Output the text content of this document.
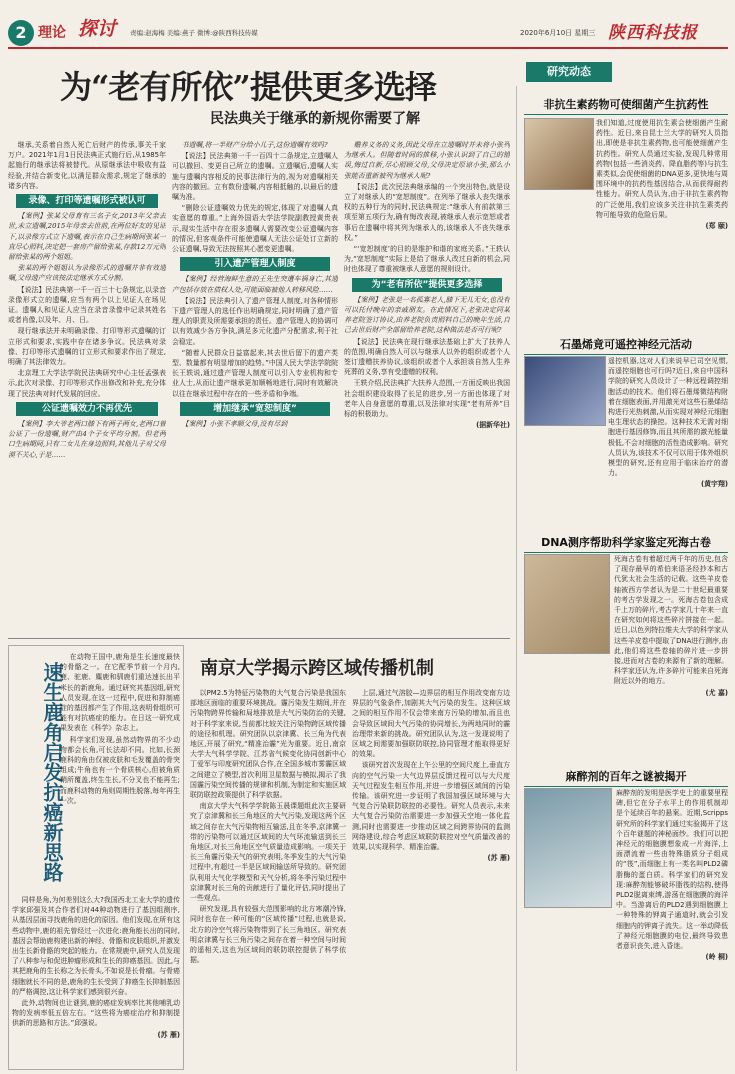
2 理论 探讨 责编:赵海梅 美编:燕子 微博:@陕西科技传媒	2020年6月10日 星期三 陕西科技报
为“老有所依”提供更多选择
民法典关于继承的新规你需要了解

继承,关系着自然人死亡后财产的传承,事关千家万户。2021年1月1日民法典正式施行后,从1985年起施行的继承法将被替代。从原继承法中吸收有益经验,并结合新变化,以满足群众需求,规定了继承的诸多内容。

录像、打印等遗嘱形式被认可

【案例】张某父母育有三名子女,2013年父亲去世,未立遗嘱,2015年母亲去世前,在两位好友的见证下,以录像方式立下遗嘱,表示在自己生病期间张某一直尽心照料,决定把一套房产留给张某,存款12万元则留给张某的两个姐姐。

张某的两个姐姐认为录像形式的遗嘱并非有效遗嘱,父母遗产应该按法定继承方式分割。

【说法】民法典第一千一百三十七条规定,以录音录像形式立的遗嘱,应当有两个以上见证人在场见证。遗嘱人和见证人应当在录音录像中记录其姓名或者肖像,以及年、月、日。

现行继承法并未明确录像、打印等形式遗嘱的订立形式和要求,实践中存在诸多争议。民法典对录像、打印等形式遗嘱的订立形式和要求作出了规定,明确了其法律效力。

北京理工大学法学院民法典研究中心主任孟强表示,此次对录像、打印等形式作出修改和补充,充分体现了民法典对时代发展的回应。

公证遗嘱效力不再优先

【案例】李大爷老两口膝下有两子两女,老两口曾公证了一份遗嘱,财产由4个子女平均分割。但老两口生病期间,只有二女儿在身边照料,其他儿子对父母漠不关心,于是……

书遗嘱,将一半财产分给小儿子,这份遗嘱有效吗?

【说法】民法典第一千一百四十二条规定,立遗嘱人可以撤回、变更自己所立的遗嘱。立遗嘱后,遗嘱人实施与遗嘱内容相反的民事法律行为的,视为对遗嘱相关内容的撤回。立有数份遗嘱,内容相抵触的,以最后的遗嘱为准。

“删除公证遗嘱效力优先的规定,体现了对遗嘱人真实意愿的尊重。”上海外国语大学法学院副教授黄贵表示,现实生活中存在很多遗嘱人需要改变公证遗嘱内容的情况,但客观条件可能使遗嘱人无法公证处订立新的公证遗嘱,导致无法按照其心愿变更遗嘱。

引入遗产管理人制度

【案例】经营海鲜生意的王先生突遭车祸身亡,其遗产包括存放在债权人处,可能面临被他人转移风险……

【说法】民法典引入了遗产管理人制度,对各种情形下遗产管理人的选任作出明确规定,同时明确了遗产管理人的职责及所需要承担的责任。遗产管理人的协调可以有效减少各方争执,满足多元化遗产分配需求,利于社会稳定。

“随着人民群众日益富起来,其去世后留下的遗产类型、数量都有明显增加的趋势。”中国人民大学法学院院长王轶说,通过遗产管理人制度可以引入专业机构和专业人士,从而让遗产继承更加顺畅地进行,同时有效解决以往在继承过程中存在的一些矛盾和争端。

增加继承“宽恕制度”

【案例】小张不孝顺父母,没有尽到

赡养义务的义务,因此父母在立遗嘱时并未将小张列为继承人。但随着时间的推移,小张认识到了自己的错误,悔过自新,尽心照顾父母,父母决定原谅小张,那么小张能否重新被列为继承人呢?

【说法】此次民法典继承编的一个突出特色,就是设立了对继承人的“宽恕制度”。在列举了继承人丧失继承权的五种行为的同时,民法典规定:“继承人有前款第三项至第五项行为,确有悔改表现,被继承人表示宽恕或者事后在遗嘱中将其列为继承人的,该继承人不丧失继承权。”

“‘宽恕制度’的目的是维护和谐的家庭关系。”王轶认为,“宽恕制度”实际上是给了继承人改过自新的机会,同时也体现了尊重被继承人意愿的规则设计。

为“老有所依”提供更多选择

【案例】老张是一名孤寡老人,膝下无儿无女,也没有可以托付晚年的亲戚朋友。在此情况下,老张决定同某养老院签订协议,由养老院负责照料自己的晚年生活,自己去世后财产全部留给养老院,这种做法是否可行呢?

【说法】民法典在现行继承法基础上扩大了扶养人的范围,明确自然人可以与继承人以外的组织或者个人签订遗赠扶养协议,该组织或者个人承担该自然人生养死葬的义务,享有受遗赠的权利。

王轶介绍,民法典扩大扶养人范围,一方面反映出我国社会组织建设取得了长足的进步,另一方面也体现了对老年人自身意愿的尊重,以及法律对实现“老有所养”目标的积极助力。

(据新华社)

速生鹿角启发抗癌新思路

在动物王国中,鹿角是生长速度最快的骨骼之一。在它配季节前一个月内,鹿、驼鹿、麋鹿和驯鹿们重达速长出平米长的新鹿角。通过研究其基因组,研究人员发现,在这一过程中,促进和抑制癌症的基因都产生了作用,这表明骨组织可能有对抗癌症的能力。在日这一研究成果发表在《科学》杂志上。

科学家们发现,虽然动物界的不少动物都会长角,可长法却不同。比如,长颈鹿科的角由仅被皮肤和毛发覆盖的骨突组成;牛角也有一个骨质核心,但被角质鞘所覆盖,终生生长,不分叉也不能再生;而鹿科动物的角则周期性脱落,每年再生一次。

同样是角,为何差别这么大?我国西北工业大学的遗传学家邱强及其合作者们对44种动物进行了基因组测序,从基因层面寻找鹿角的进化的原因。他们发现,在所有这些动物中,鹿的祖先曾经过一次进化:鹿角能长出的同时,基因会帮助鹿构建出新的神经、骨骼和皮肤组织,并激发出生长新骨骼的突起的能力。在常规鹿中,研究人员发现了八种参与和促进肿瘤形成和生长的抑癌基因。因此,与其把鹿角的生长称之为长骨头,不如说是长骨瘤。与骨癌细胞就长不同的是,鹿角的生长受到了抑癌生长抑制基因的严格调控,这让科学家们感到很兴奋。

此外,动物间也让谜到,鹿的癌症发病率比其他哺乳动物的发病率低五倍左右。“这些将为癌症治疗和抑制提供新的思路和方法。”邱强说。

(苏 雁)

南京大学揭示跨区域传播机制

以PM2.5为特征污染物的大气复合污染是我国东部地区面临的重要环境挑战。霾污染发生期间,并在污染物跨界传输和局地排放是大气污染防治的关键,对于科学家来说,当前都比较关注污染物跨区域传播的途径和机理。研究团队以京津冀、长三角为代表地区,开展了研究,“精准治霾”光为重要。近日,南京大学大气科学学院、江苏省气候变化协同创新中心丁爱军与印度研究团队合作,在全国多城市雾霾区域之间建立了模型,首次利用卫星数据与模拟,揭示了我国霾污染空间传播的规律和机制,为制定和实施区域联防联控政策提供了科学依据。

南京大学大气科学学院陈玉晨课题组此次主要研究了京津冀和长三角地区的大气污染,发现这两个区域之间存在大气污染物相互输送,且在冬季,京津冀一带的污染物可以通过区域间的大气环流输送到长三角地区,对长三角地区空气质量造成影响。一项关于长三角霾污染天气的研究表明,冬季发生的大气污染过程中,有超过一半是区域间输送所导致的。研究团队利用大气化学模型和天气分析,将冬季污染过程中京津冀对长三角的贡献进行了量化评估,同时提出了一些观点。

研究发现,具有较强大范围影响的北方寒潮冷锋,同时也存在一种可能的“区域传播”过程,也就是说,北方的冷空气将污染物带到了长三角地区。研究表明京津冀与长三角污染之间存在着一种空间与时间的遥相关,这也为区域间的联防联控提供了科学依据。

上层,通过气溶胶—边界层的相互作用改变南方边界层的气象条件,加剧其大气污染的发生。这种区域之间的相互作用不仅会带来南方污染的增加,而且也会导致区域间大气污染的协同增长,为两地同时的霾治理带来新的挑战。研究团队认为,这一发现说明了区域之间需要加强联防联控,协同管理才能取得更好的效果。

该研究首次发现在上午公里的空间尺度上,垂直方向的空气污染一大气边界层反馈过程可以与大尺度天气过程发生相互作用,并进一步增强区域间的污染传输。该研究进一步证明了我国加强区域环境与大气复合污染联防联控的必要性。研究人员表示,未来大气复合污染防治需要进一步加强天空地一体化监测,同时也需要进一步推动区域之间跨界协同的监测网络建设,综合考虑区域联防联控对空气质量改善的效果,以实现科学、精准治霾。

(苏 雁)

研究动态
非抗生素药物可使细菌产生抗药性

我们知道,过度使用抗生素会使细菌产生耐药性。近日,来自昆士兰大学的研究人员指出,即使是非抗生素药物,也可能使细菌产生抗药性。研究人员通过实验,发现几种常用药物(包括一些消炎药、降血脂药等)与抗生素类似,会促使细菌的DNA更多,更快地与周围环境中的抗药性基因结合,从而获得耐药性能力。研究人员认为,由于非抗生素药物的广泛使用,我们应该多关注非抗生素类药物可能导致的危险后果。

(郑 颐)

石墨烯竟可遥控神经元活动

遥控机器,这对人们来说早已司空见惯,而遥控细胞也可行吗?近日,来自中国科学院的研究人员设计了一种远程调控细胞活动的技术。他们将石墨烯微结构附着在细胞表面,并用激光对这些石墨烯结构进行光热刺激,从而实现对神经元细胞电生理状态的操控。这种技术无需对细胞进行基因修饰,而且其所需的激光能量极低,不会对细胞的活性造成影响。研究人员认为,该技术不仅可以用于体外组织模型的研究,还有应用于临床治疗的潜力。

(黄宇翔)

DNA测序帮助科学家鉴定死海古卷

死海古卷有着超过两千年的历史,包含了现存最早的希伯来语圣经抄本和古代犹太社会生活的记载。这些羊皮卷轴被西方学者认为是二十世纪最重要的考古学发现之一。死海古卷包含成千上万的碎片,考古学家几十年来一直在研究如何将这些碎片拼接在一起。近日,以色列特拉维夫大学的科学家从这些羊皮卷中提取了DNA进行测序,由此,他们将这些卷轴的碎片进一步拼接,进而对古卷的来源有了新的理解。科学家还认为,许多碎片可能来自死海附近以外的地方。

(尤 嘉)

麻醉剂的百年之谜被揭开

麻醉剂的发明是医学史上的重要里程碑,但它在分子水平上的作用机制却是个延续百年的悬案。近期,Scripps研究所的科学家们通过实验揭开了这个百年谜题的神秘面纱。我们可以把神经元的细胞膜想象成一片海洋,上面漂流着一些由特殊脂质分子组成的“筏”,而细胞上有一类名叫PLD2磷脂酶的蛋白质。科学家们的研究发现:麻醉剂能够破坏脂筏的结构,使得PLD2脱离束缚,游荡在细胞膜的海洋中。当游离后的PLD2遇到细胞膜上一种特殊的钾离子通道时,就会引发细胞内的钾离子流失。这一举动降低了神经元细胞膜的电位,最终导致患者意识丧失,进入昏迷。

(岭 桐)
